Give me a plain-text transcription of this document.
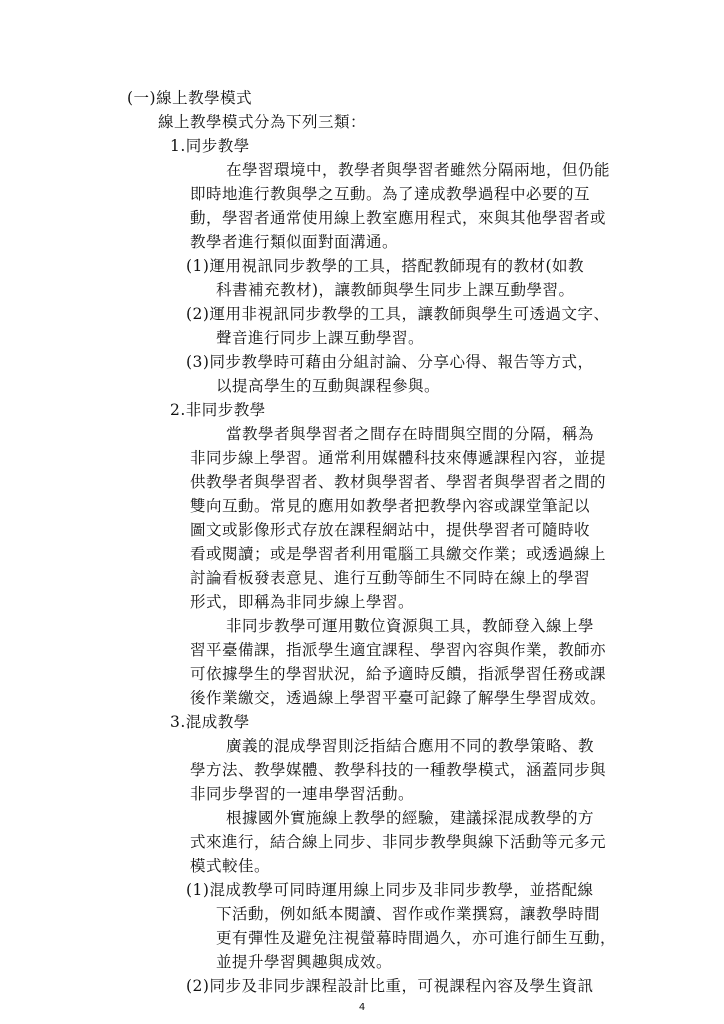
(一)線上教學模式
線上教學模式分為下列三類：
1.同步教學
在學習環境中，教學者與學習者雖然分隔兩地，但仍能
即時地進行教與學之互動。為了達成教學過程中必要的互
動，學習者通常使用線上教室應用程式，來與其他學習者或
教學者進行類似面對面溝通。
(1)運用視訊同步教學的工具，搭配教師現有的教材(如教
科書補充教材)，讓教師與學生同步上課互動學習。
(2)運用非視訊同步教學的工具，讓教師與學生可透過文字、
聲音進行同步上課互動學習。
(3)同步教學時可藉由分組討論、分享心得、報告等方式，
以提高學生的互動與課程參與。
2.非同步教學
當教學者與學習者之間存在時間與空間的分隔，稱為
非同步線上學習。通常利用媒體科技來傳遞課程內容，並提
供教學者與學習者、教材與學習者、學習者與學習者之間的
雙向互動。常見的應用如教學者把教學內容或課堂筆記以
圖文或影像形式存放在課程網站中，提供學習者可隨時收
看或閱讀；或是學習者利用電腦工具繳交作業；或透過線上
討論看板發表意見、進行互動等師生不同時在線上的學習
形式，即稱為非同步線上學習。
非同步教學可運用數位資源與工具，教師登入線上學
習平臺備課，指派學生適宜課程、學習內容與作業，教師亦
可依據學生的學習狀況，給予適時反饋，指派學習任務或課
後作業繳交，透過線上學習平臺可記錄了解學生學習成效。
3.混成教學
廣義的混成學習則泛指結合應用不同的教學策略、教
學方法、教學媒體、教學科技的一種教學模式，涵蓋同步與
非同步學習的一連串學習活動。
根據國外實施線上教學的經驗，建議採混成教學的方
式來進行，結合線上同步、非同步教學與線下活動等元多元
模式較佳。
(1)混成教學可同時運用線上同步及非同步教學，並搭配線
下活動，例如紙本閱讀、習作或作業撰寫，讓教學時間
更有彈性及避免注視螢幕時間過久，亦可進行師生互動，
並提升學習興趣與成效。
(2)同步及非同步課程設計比重，可視課程內容及學生資訊
4
